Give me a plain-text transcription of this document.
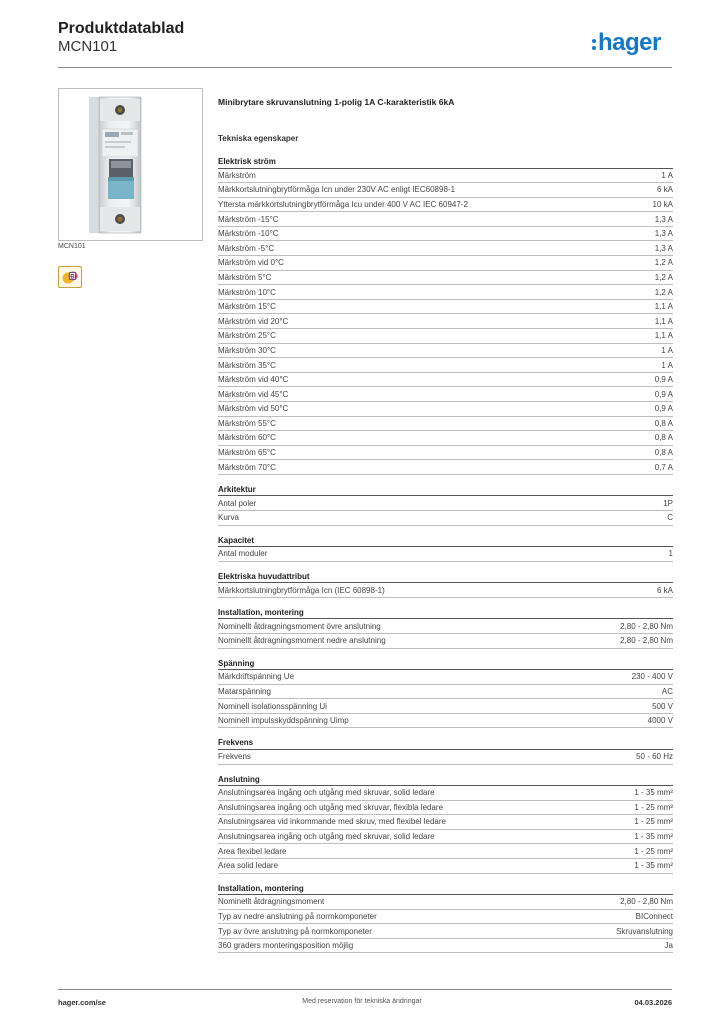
Produktdatablad
MCN101	hager
MCN101
B
Minibrytare skruvanslutning 1-polig 1A C-karakteristik 6kA
Tekniska egenskaper
Elektrisk ström
Märkström	1 A
Märkkortslutningbrytförmåga Icn under 230V AC enligt IEC60898-1	6 kA
Yttersta märkkortslutningbrytförmåga Icu under 400 V AC IEC 60947-2	10 kA
Märkström -15°C	1,3 A
Märkström -10°C	1,3 A
Märkström -5°C	1,3 A
Märkström vid 0°C	1,2 A
Märkström 5°C	1,2 A
Märkström 10°C	1,2 A
Märkström 15°C	1,1 A
Märkström vid 20°C	1,1 A
Märkström 25°C	1,1 A
Märkström 30°C	1 A
Märkström 35°C	1 A
Märkström vid 40°C	0,9 A
Märkström vid 45°C	0,9 A
Märkström vid 50°C	0,9 A
Märkström 55°C	0,8 A
Märkström 60°C	0,8 A
Märkström 65°C	0,8 A
Märkström 70°C	0,7 A
Arkitektur
Antal poler	1P
Kurva	C
Kapacitet
Antal moduler	1
Elektriska huvudattribut
Märkkortslutningbrytförmåga Icn (IEC 60898-1)	6 kA
Installation, montering
Nominellt åtdragningsmoment övre anslutning	2,80 - 2,80 Nm
Nominellt åtdragningsmoment nedre anslutning	2,80 - 2,80 Nm
Spänning
Märkdriftspänning Ue	230 - 400 V
Matarspänning	AC
Nominell isolationsspänning Ui	500 V
Nominell impulsskyddspänning Uimp	4000 V
Frekvens
Frekvens	50 - 60 Hz
Anslutning
Anslutningsarea ingång och utgång med skruvar, solid ledare	1 - 35 mm²
Anslutningsarea ingång och utgång med skruvar, flexibla ledare	1 - 25 mm²
Anslutningsarea vid inkommande med skruv, med flexibel ledare	1 - 25 mm²
Anslutningsarea ingång och utgång med skruvar, solid ledare	1 - 35 mm²
Area flexibel ledare	1 - 25 mm²
Area solid ledare	1 - 35 mm²
Installation, montering
Nominellt åtdragningsmoment	2,80 - 2,80 Nm
Typ av nedre anslutning på normkomponeter	BIConnect
Typ av övre anslutning på normkomponeter	Skruvanslutning
360 graders monteringsposition möjlig	Ja
hager.com/se	Med reservation för tekniska ändringar	04.03.2026
